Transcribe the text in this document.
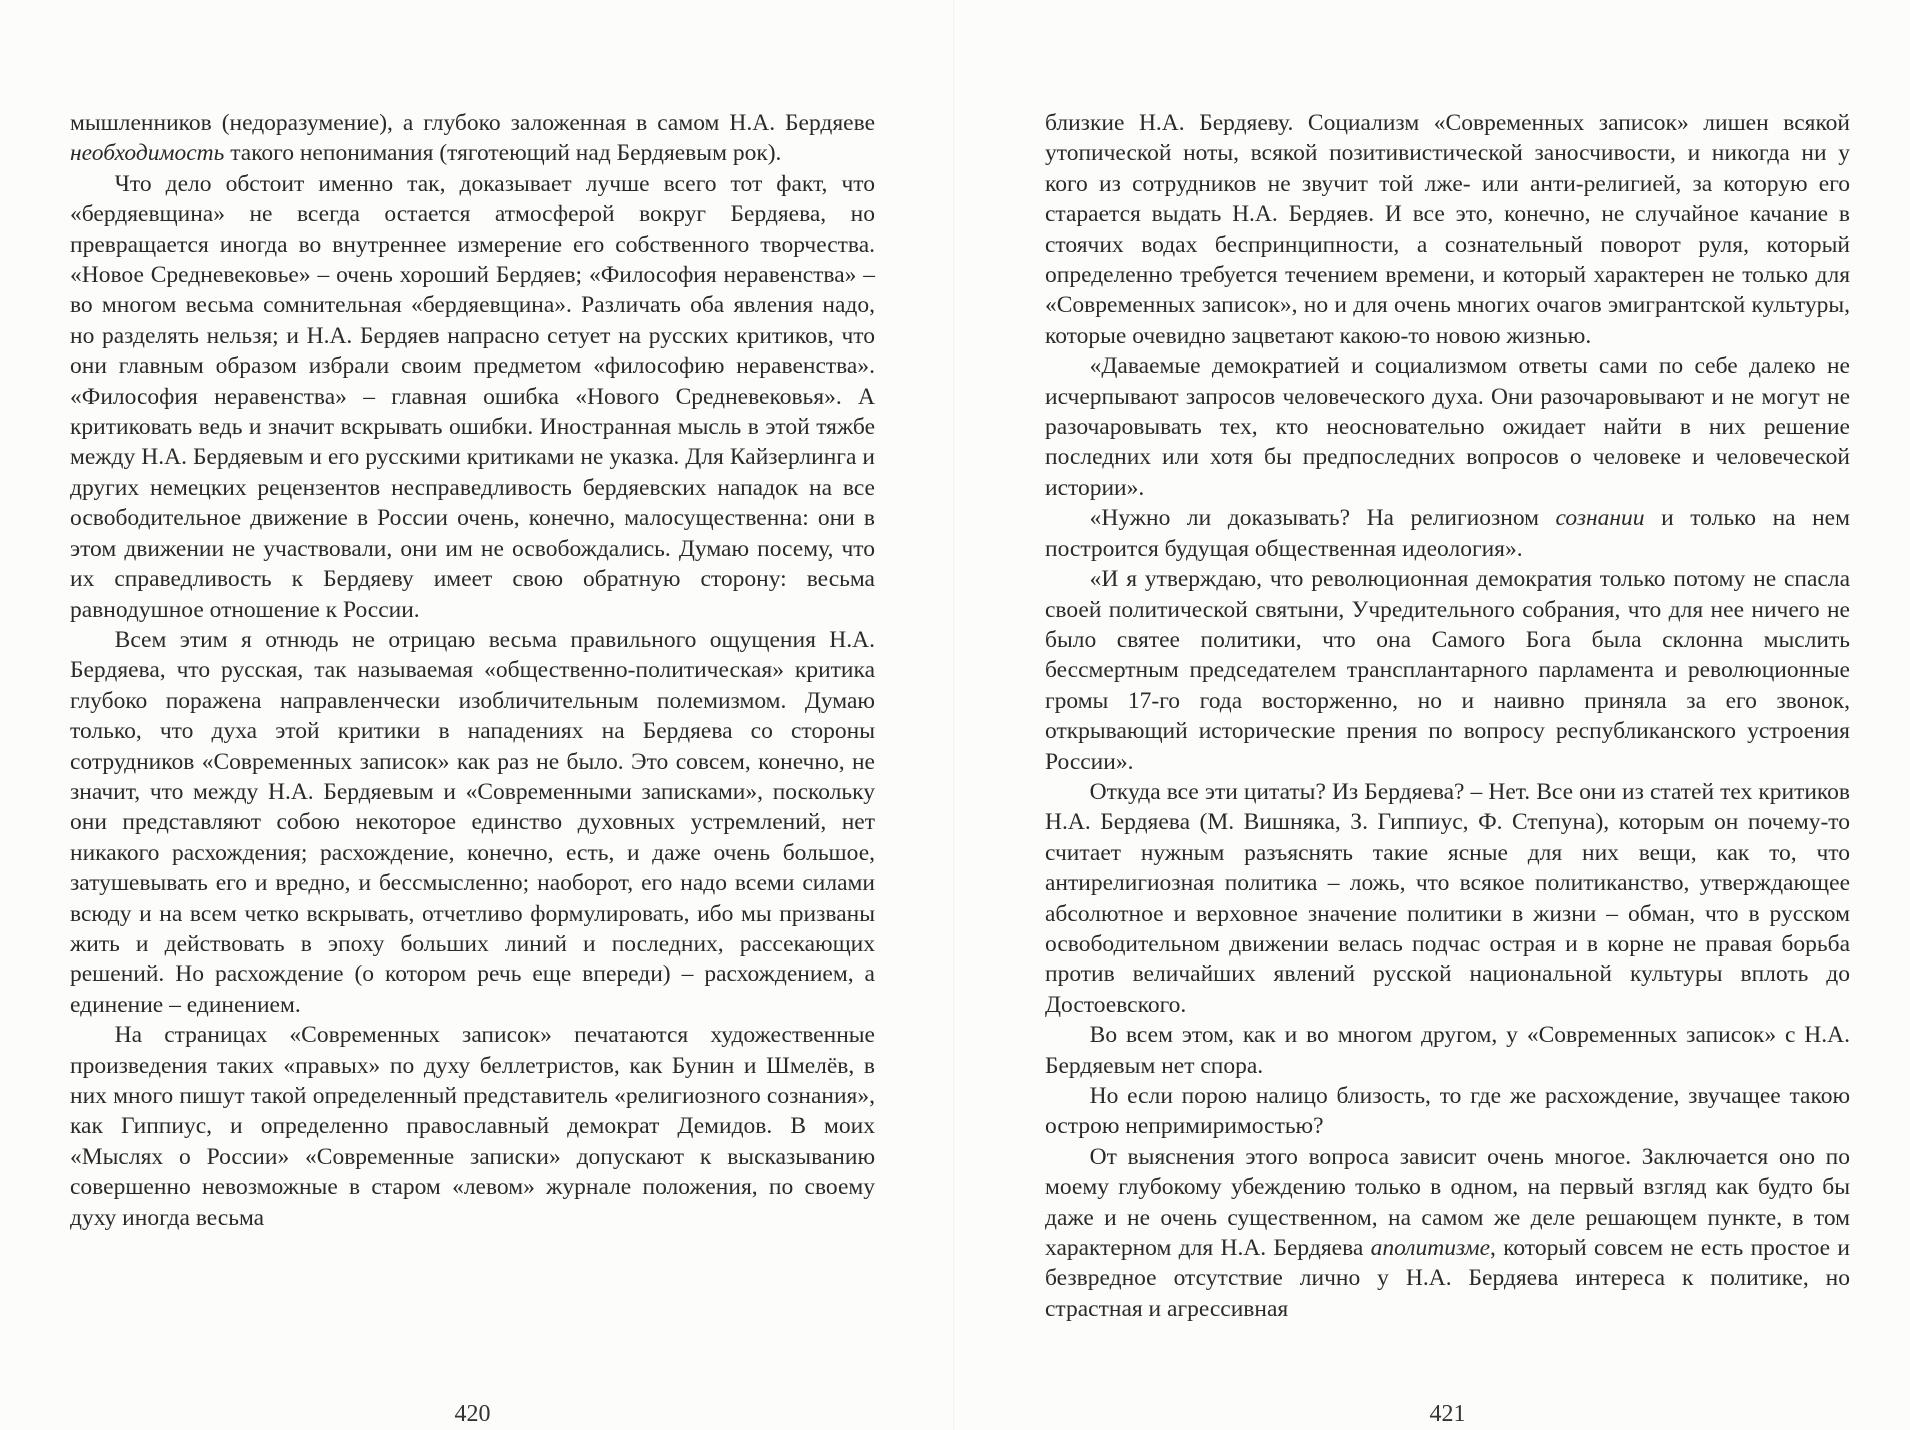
мышленников (недоразумение), а глубоко заложенная в самом Н.А. Бердяеве необходимость такого непонимания (тяготеющий над Бердяевым рок).

Что дело обстоит именно так, доказывает лучше всего тот факт, что «бердяевщина» не всегда остается атмосферой вокруг Бердяева, но превращается иногда во внутреннее измерение его собственного творчества. «Новое Средневековье» – очень хороший Бердяев; «Философия неравенства» – во многом весьма сомнительная «бердяевщина». Различать оба явления надо, но разделять нельзя; и Н.А. Бердяев напрасно сетует на русских критиков, что они главным образом избрали своим предметом «философию неравенства». «Философия неравенства» – главная ошибка «Нового Средневековья». А критиковать ведь и значит вскрывать ошибки. Иностранная мысль в этой тяжбе между Н.А. Бердяевым и его русскими критиками не указка. Для Кайзерлинга и других немецких рецензентов несправедливость бердяевских нападок на все освободительное движение в России очень, конечно, малосущественна: они в этом движении не участвовали, они им не освобождались. Думаю посему, что их справедливость к Бердяеву имеет свою обратную сторону: весьма равнодушное отношение к России.

Всем этим я отнюдь не отрицаю весьма правильного ощущения Н.А. Бердяева, что русская, так называемая «общественно-политическая» критика глубоко поражена направленчески изобличительным полемизмом. Думаю только, что духа этой критики в нападениях на Бердяева со стороны сотрудников «Современных записок» как раз не было. Это совсем, конечно, не значит, что между Н.А. Бердяевым и «Современными записками», поскольку они представляют собою некоторое единство духовных устремлений, нет никакого расхождения; расхождение, конечно, есть, и даже очень большое, затушевывать его и вредно, и бессмысленно; наоборот, его надо всеми силами всюду и на всем четко вскрывать, отчетливо формулировать, ибо мы призваны жить и действовать в эпоху больших линий и последних, рассекающих решений. Но расхождение (о котором речь еще впереди) – расхождением, а единение – единением.

На страницах «Современных записок» печатаются художественные произведения таких «правых» по духу беллетристов, как Бунин и Шмелёв, в них много пишут такой определенный представитель «религиозного сознания», как Гиппиус, и определенно православный демократ Демидов. В моих «Мыслях о России» «Современные записки» допускают к высказыванию совершенно невозможные в старом «левом» журнале положения, по своему духу иногда весьма

420

близкие Н.А. Бердяеву. Социализм «Современных записок» лишен всякой утопической ноты, всякой позитивистической заносчивости, и никогда ни у кого из сотрудников не звучит той лже- или анти-религией, за которую его старается выдать Н.А. Бердяев. И все это, конечно, не случайное качание в стоячих водах беспринципности, а сознательный поворот руля, который определенно требуется течением времени, и который характерен не только для «Современных записок», но и для очень многих очагов эмигрантской культуры, которые очевидно зацветают какою-то новою жизнью.

«Даваемые демократией и социализмом ответы сами по себе далеко не исчерпывают запросов человеческого духа. Они разочаровывают и не могут не разочаровывать тех, кто неосновательно ожидает найти в них решение последних или хотя бы предпоследних вопросов о человеке и человеческой истории».

«Нужно ли доказывать? На религиозном сознании и только на нем построится будущая общественная идеология».

«И я утверждаю, что революционная демократия только потому не спасла своей политической святыни, Учредительного собрания, что для нее ничего не было святее политики, что она Самого Бога была склонна мыслить бессмертным председателем трансплантарного парламента и революционные громы 17-го года восторженно, но и наивно приняла за его звонок, открывающий исторические прения по вопросу республиканского устроения России».

Откуда все эти цитаты? Из Бердяева? – Нет. Все они из статей тех критиков Н.А. Бердяева (М. Вишняка, З. Гиппиус, Ф. Степуна), которым он почему-то считает нужным разъяснять такие ясные для них вещи, как то, что антирелигиозная политика – ложь, что всякое политиканство, утверждающее абсолютное и верховное значение политики в жизни – обман, что в русском освободительном движении велась подчас острая и в корне не правая борьба против величайших явлений русской национальной культуры вплоть до Достоевского.

Во всем этом, как и во многом другом, у «Современных записок» с Н.А. Бердяевым нет спора.

Но если порою налицо близость, то где же расхождение, звучащее такою острою непримиримостью?

От выяснения этого вопроса зависит очень многое. Заключается оно по моему глубокому убеждению только в одном, на первый взгляд как будто бы даже и не очень существенном, на самом же деле решающем пункте, в том характерном для Н.А. Бердяева аполитизме, который совсем не есть простое и безвредное отсутствие лично у Н.А. Бердяева интереса к политике, но страстная и агрессивная

421
